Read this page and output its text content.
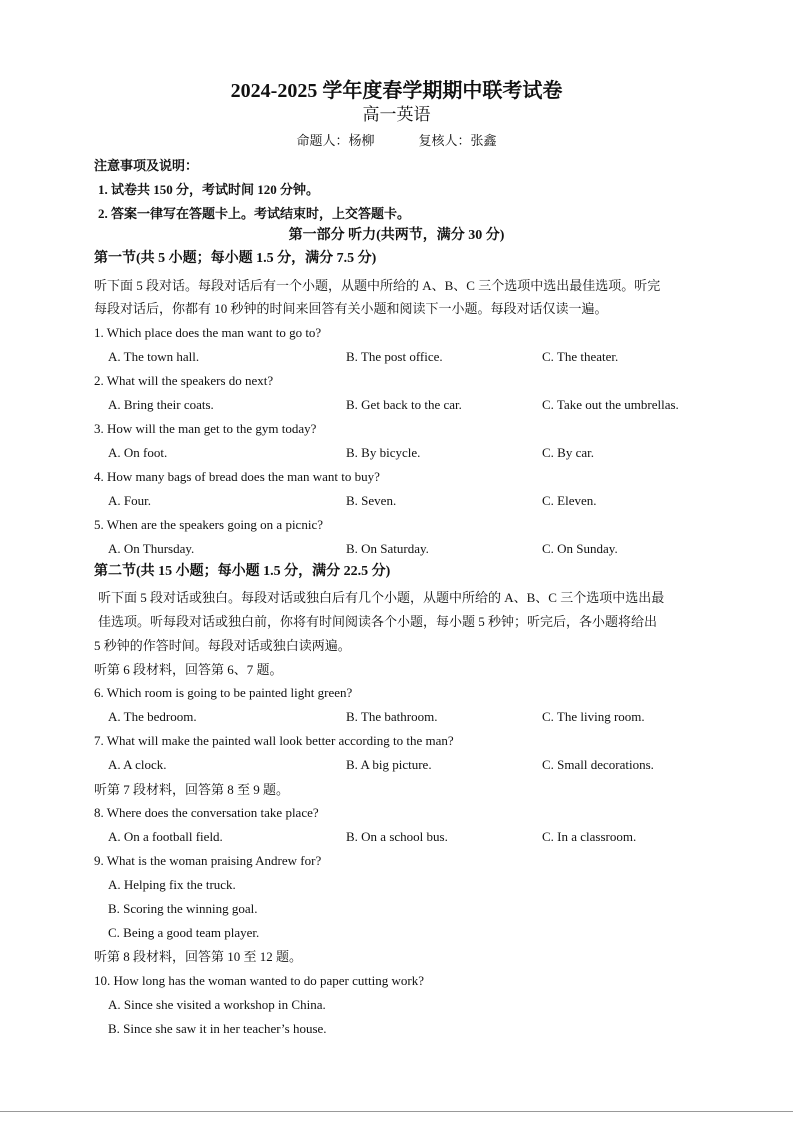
2024-2025 学年度春学期期中联考试卷
高一英语
命题人：杨柳	复核人：张鑫
注意事项及说明：
1. 试卷共 150 分，考试时间 120 分钟。
2. 答案一律写在答题卡上。考试结束时，上交答题卡。
第一部分 听力(共两节，满分 30 分)
第一节(共 5 小题；每小题 1.5 分，满分 7.5 分)
听下面 5 段对话。每段对话后有一个小题，从题中所给的 A、B、C 三个选项中选出最佳选项。听完
每段对话后，你都有 10 秒钟的时间来回答有关小题和阅读下一小题。每段对话仅读一遍。
1. Which place does the man want to go to?
A. The town hall.	B. The post office.	C. The theater.
2. What will the speakers do next?
A. Bring their coats.	B. Get back to the car.	C. Take out the umbrellas.
3. How will the man get to the gym today?
A. On foot.	B. By bicycle.	C. By car.
4. How many bags of bread does the man want to buy?
A. Four.	B. Seven.	C. Eleven.
5. When are the speakers going on a picnic?
A. On Thursday.	B. On Saturday.	C. On Sunday.
第二节(共 15 小题；每小题 1.5 分，满分 22.5 分)
听下面 5 段对话或独白。每段对话或独白后有几个小题，从题中所给的 A、B、C 三个选项中选出最
佳选项。听每段对话或独白前，你将有时间阅读各个小题，每小题 5 秒钟；听完后，各小题将给出
5 秒钟的作答时间。每段对话或独白读两遍。
听第 6 段材料，回答第 6、7 题。
6. Which room is going to be painted light green?
A. The bedroom.	B. The bathroom.	C. The living room.
7. What will make the painted wall look better according to the man?
A. A clock.	B. A big picture.	C. Small decorations.
听第 7 段材料，回答第 8 至 9 题。
8. Where does the conversation take place?
A. On a football field.	B. On a school bus.	C. In a classroom.
9. What is the woman praising Andrew for?
A. Helping fix the truck.
B. Scoring the winning goal.
C. Being a good team player.
听第 8 段材料，回答第 10 至 12 题。
10. How long has the woman wanted to do paper cutting work?
A. Since she visited a workshop in China.
B. Since she saw it in her teacher’s house.
